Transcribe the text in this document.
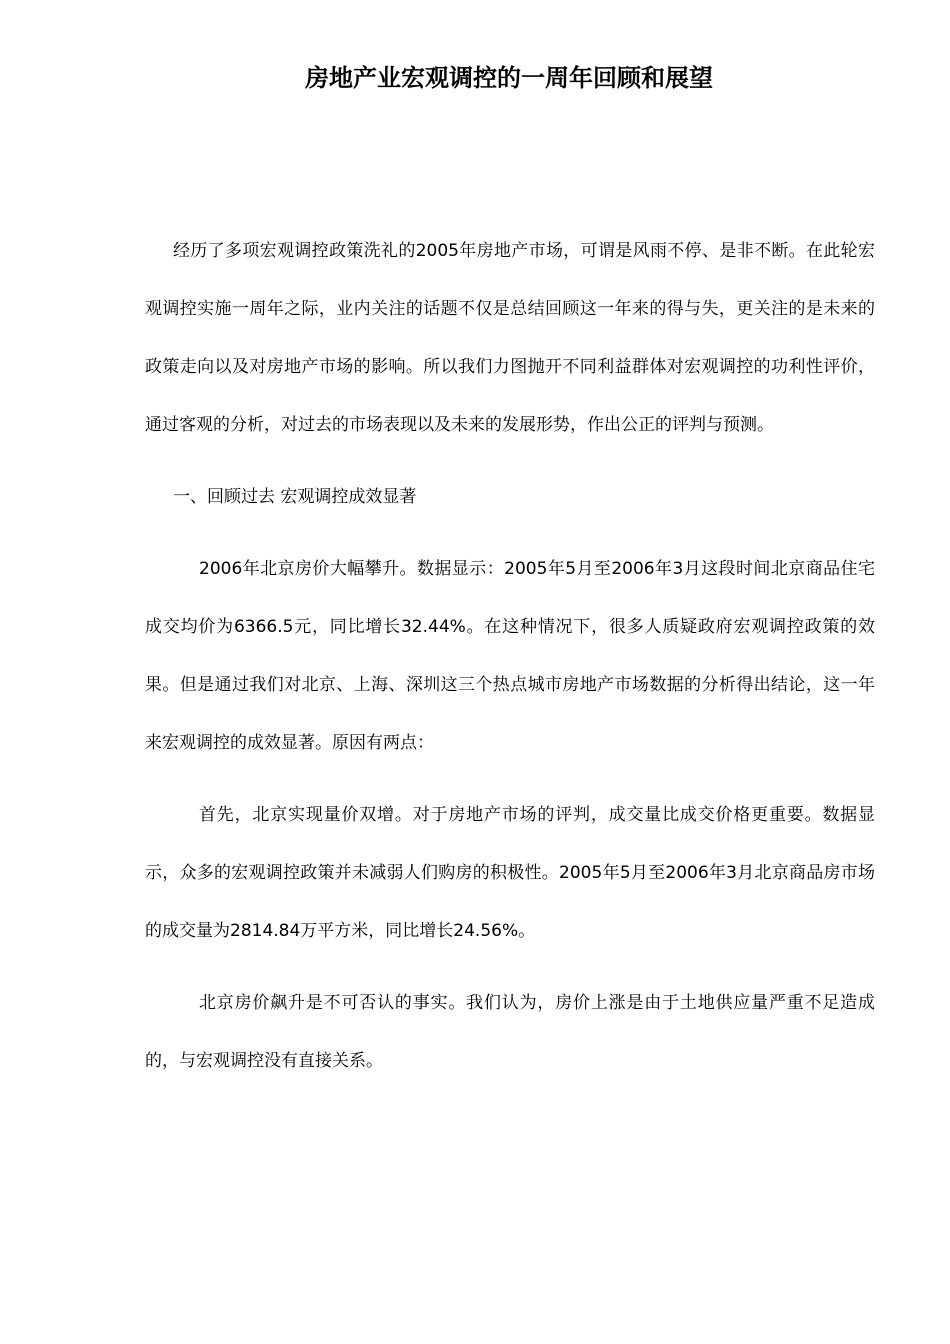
房地产业宏观调控的一周年回顾和展望

经历了多项宏观调控政策洗礼的2005年房地产市场，可谓是风雨不停、是非不断。在此轮宏观调控实施一周年之际，业内关注的话题不仅是总结回顾这一年来的得与失，更关注的是未来的政策走向以及对房地产市场的影响。所以我们力图抛开不同利益群体对宏观调控的功利性评价，通过客观的分析，对过去的市场表现以及未来的发展形势，作出公正的评判与预测。

一、回顾过去 宏观调控成效显著

2006年北京房价大幅攀升。数据显示：2005年5月至2006年3月这段时间北京商品住宅成交均价为6366.5元，同比增长32.44%。在这种情况下，很多人质疑政府宏观调控政策的效果。但是通过我们对北京、上海、深圳这三个热点城市房地产市场数据的分析得出结论，这一年来宏观调控的成效显著。原因有两点：

首先，北京实现量价双增。对于房地产市场的评判，成交量比成交价格更重要。数据显示，众多的宏观调控政策并未减弱人们购房的积极性。2005年5月至2006年3月北京商品房市场的成交量为2814.84万平方米，同比增长24.56%。

北京房价飙升是不可否认的事实。我们认为，房价上涨是由于土地供应量严重不足造成的，与宏观调控没有直接关系。
